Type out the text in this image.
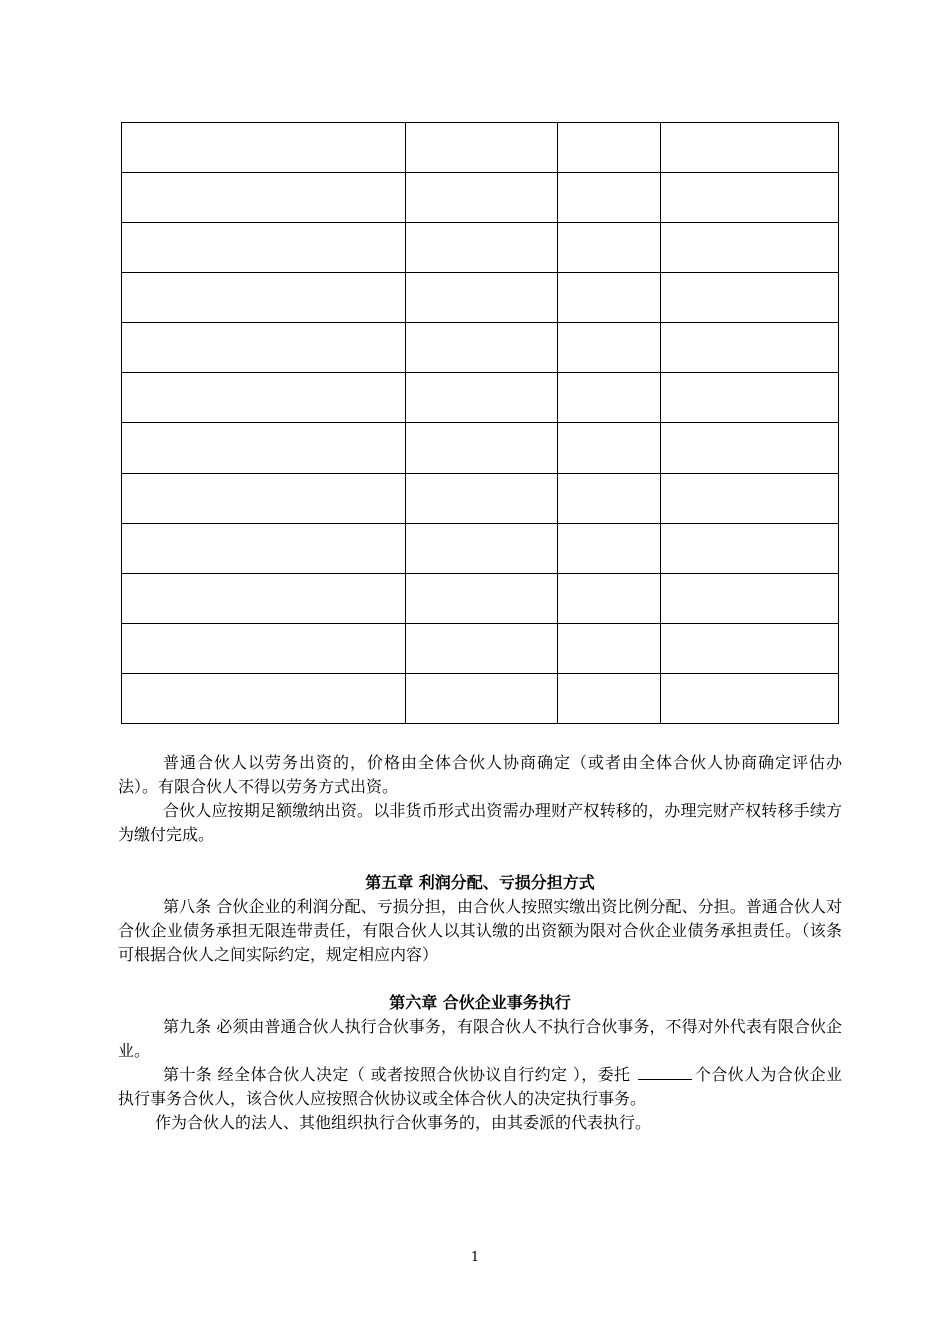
普通合伙人以劳务出资的，价格由全体合伙人协商确定（或者由全体合伙人协商确定评估办法）。有限合伙人不得以劳务方式出资。

合伙人应按期足额缴纳出资。以非货币形式出资需办理财产权转移的，办理完财产权转移手续方为缴付完成。

第五章 利润分配、亏损分担方式

第八条 合伙企业的利润分配、亏损分担，由合伙人按照实缴出资比例分配、分担。普通合伙人对合伙企业债务承担无限连带责任，有限合伙人以其认缴的出资额为限对合伙企业债务承担责任。（该条可根据合伙人之间实际约定，规定相应内容）

第六章 合伙企业事务执行

第九条 必须由普通合伙人执行合伙事务，有限合伙人不执行合伙事务，不得对外代表有限合伙企业。

第十条 经全体合伙人决定（ 或者按照合伙协议自行约定 ），委托	个合伙人为合伙企业执行事务合伙人，该合伙人应按照合伙协议或全体合伙人的决定执行事务。

作为合伙人的法人、其他组织执行合伙事务的，由其委派的代表执行。

1
